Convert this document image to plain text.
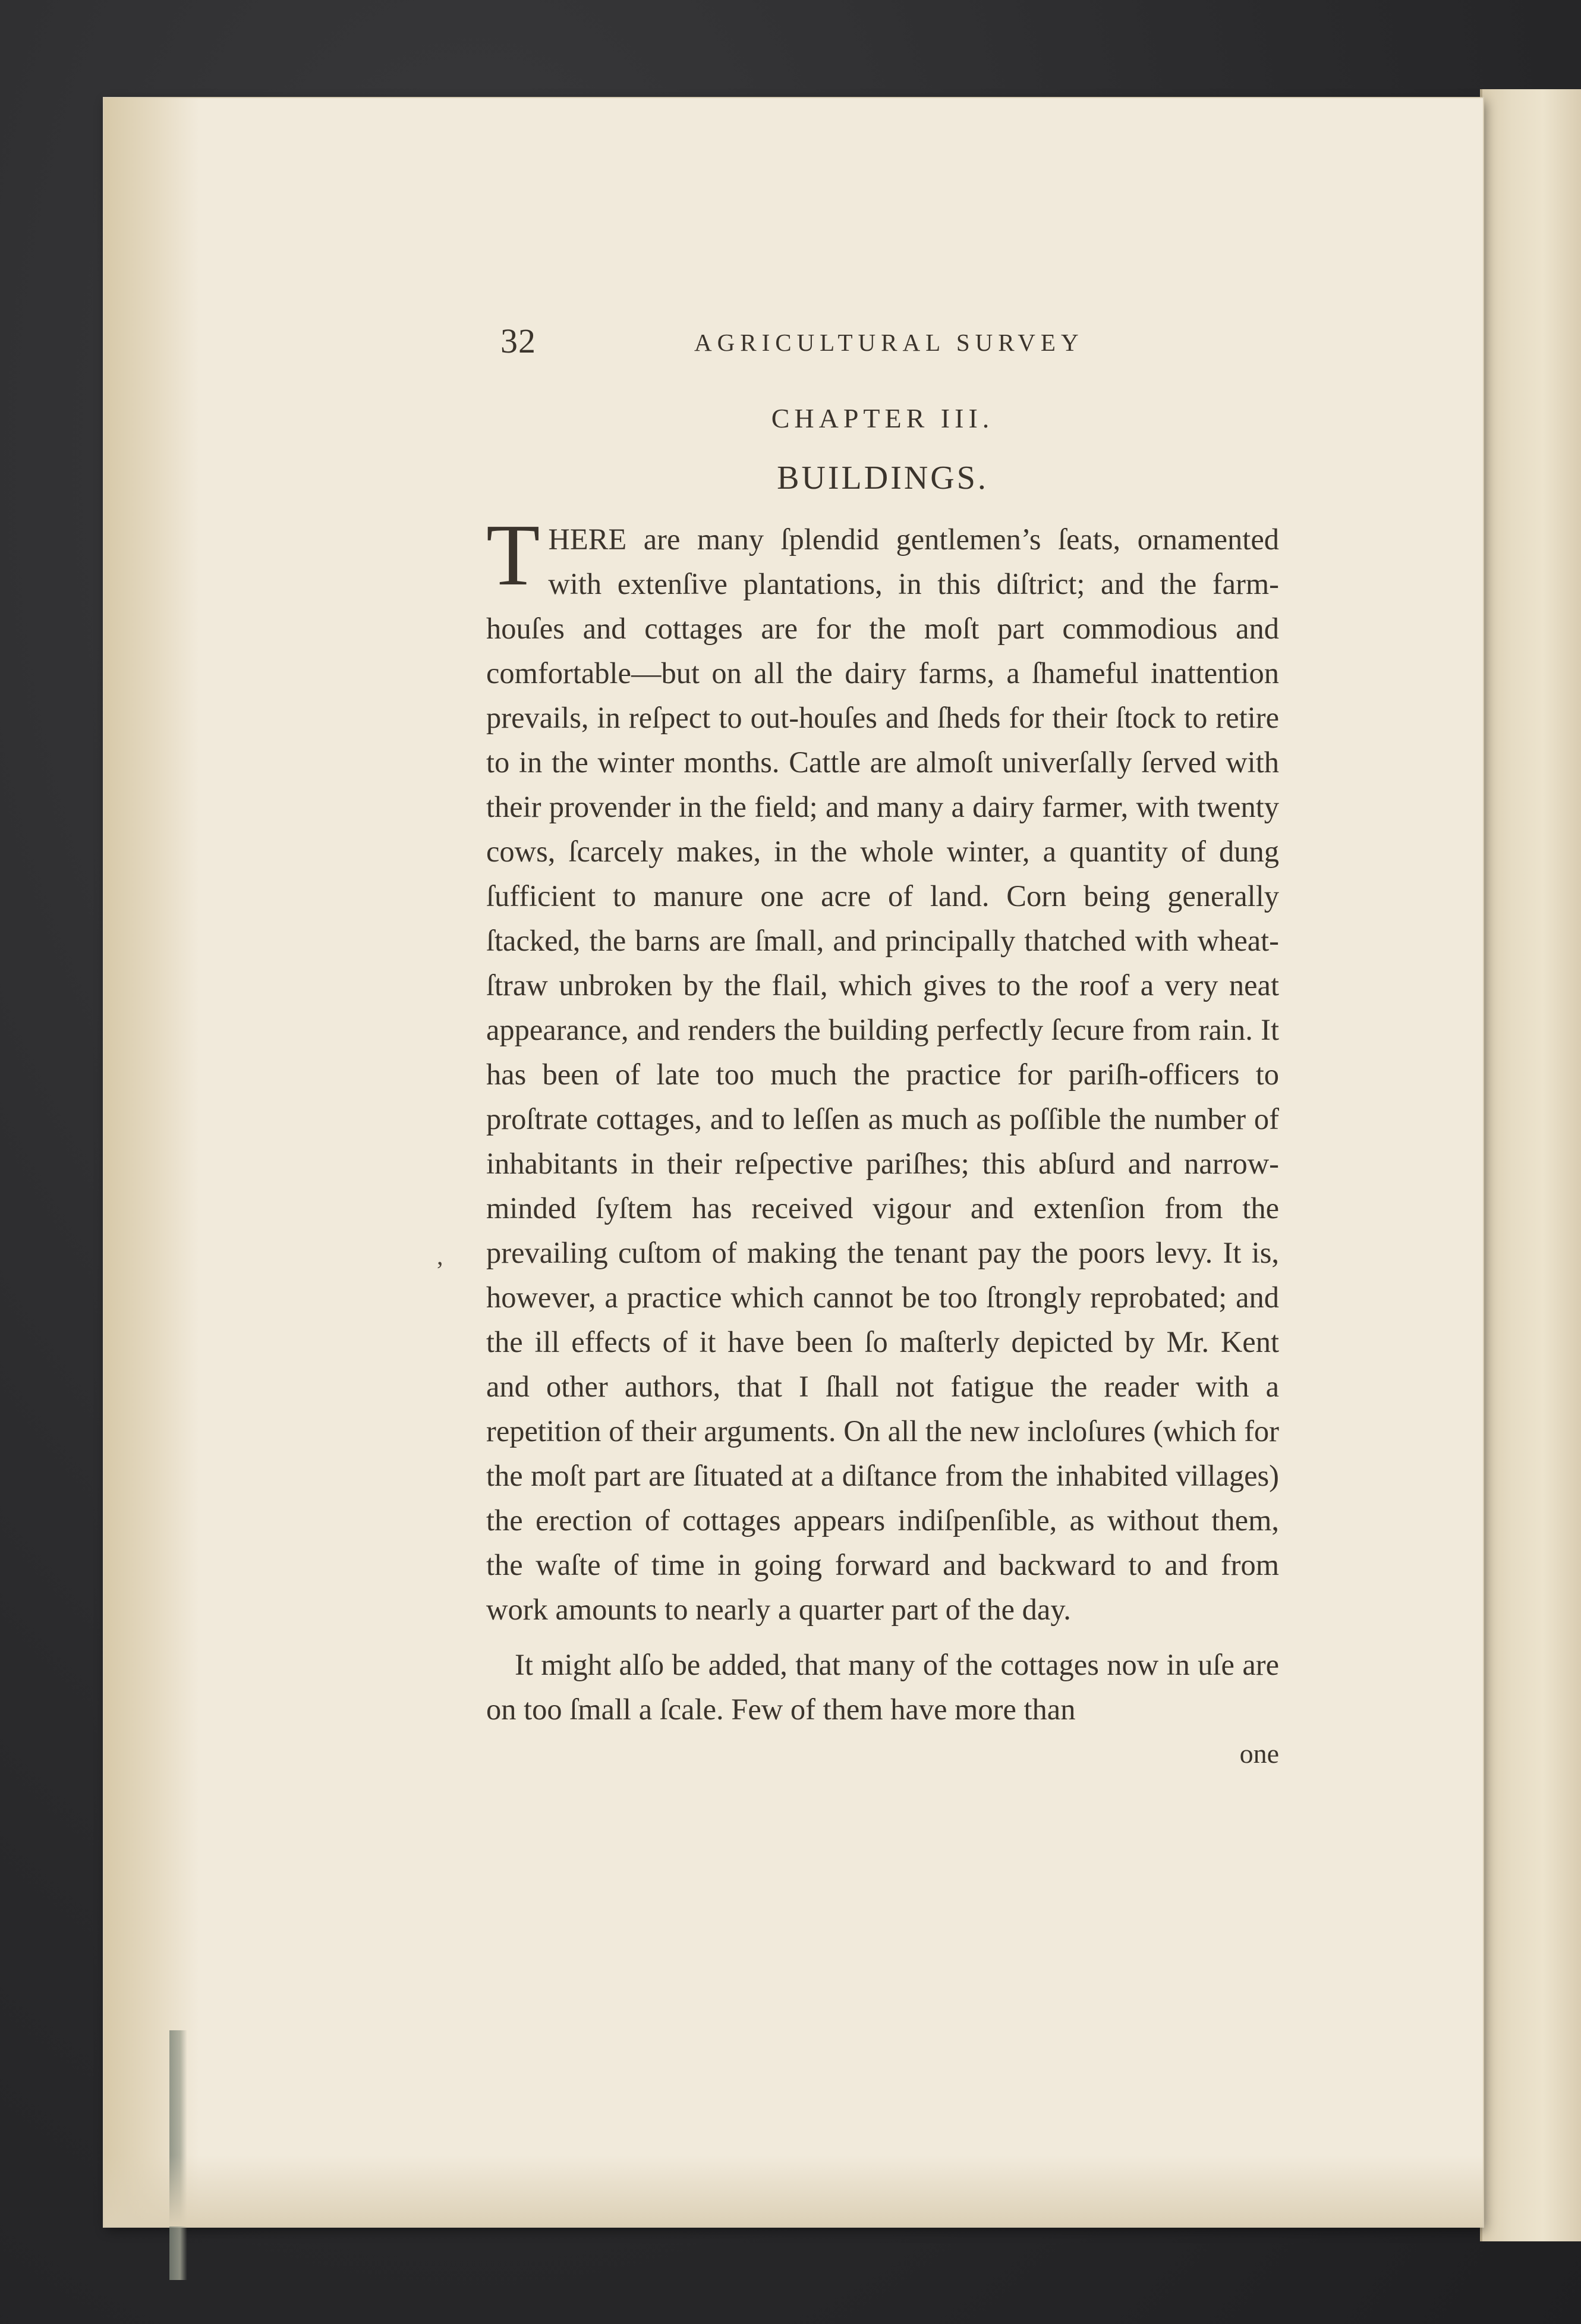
,
32	AGRICULTURAL SURVEY
CHAPTER III.
BUILDINGS.

THERE are many ſplendid gentlemen’s ſeats, ornamented with extenſive plantations, in this diſtrict; and the farm-houſes and cottages are for the moſt part commodious and comfortable—but on all the dairy farms, a ſhameful inattention prevails, in reſpect to out-houſes and ſheds for their ſtock to retire to in the winter months. Cattle are almoſt univerſally ſerved with their provender in the field; and many a dairy farmer, with twenty cows, ſcarcely makes, in the whole winter, a quantity of dung ſufficient to manure one acre of land. Corn being generally ſtacked, the barns are ſmall, and principally thatched with wheat-ſtraw unbroken by the flail, which gives to the roof a very neat appearance, and renders the building perfectly ſecure from rain. It has been of late too much the practice for pariſh-officers to proſtrate cottages, and to leſſen as much as poſſible the number of inhabitants in their reſpective pariſhes; this abſurd and narrow-minded ſyſtem has received vigour and extenſion from the prevailing cuſtom of making the tenant pay the poors levy. It is, however, a practice which cannot be too ſtrongly reprobated; and the ill effects of it have been ſo maſterly depicted by Mr. Kent and other authors, that I ſhall not fatigue the reader with a repetition of their arguments. On all the new incloſures (which for the moſt part are ſituated at a diſtance from the inhabited villages) the erection of cottages appears indiſpenſible, as without them, the waſte of time in going forward and backward to and from work amounts to nearly a quarter part of the day.

It might alſo be added, that many of the cottages now in uſe are on too ſmall a ſcale. Few of them have more than

one
